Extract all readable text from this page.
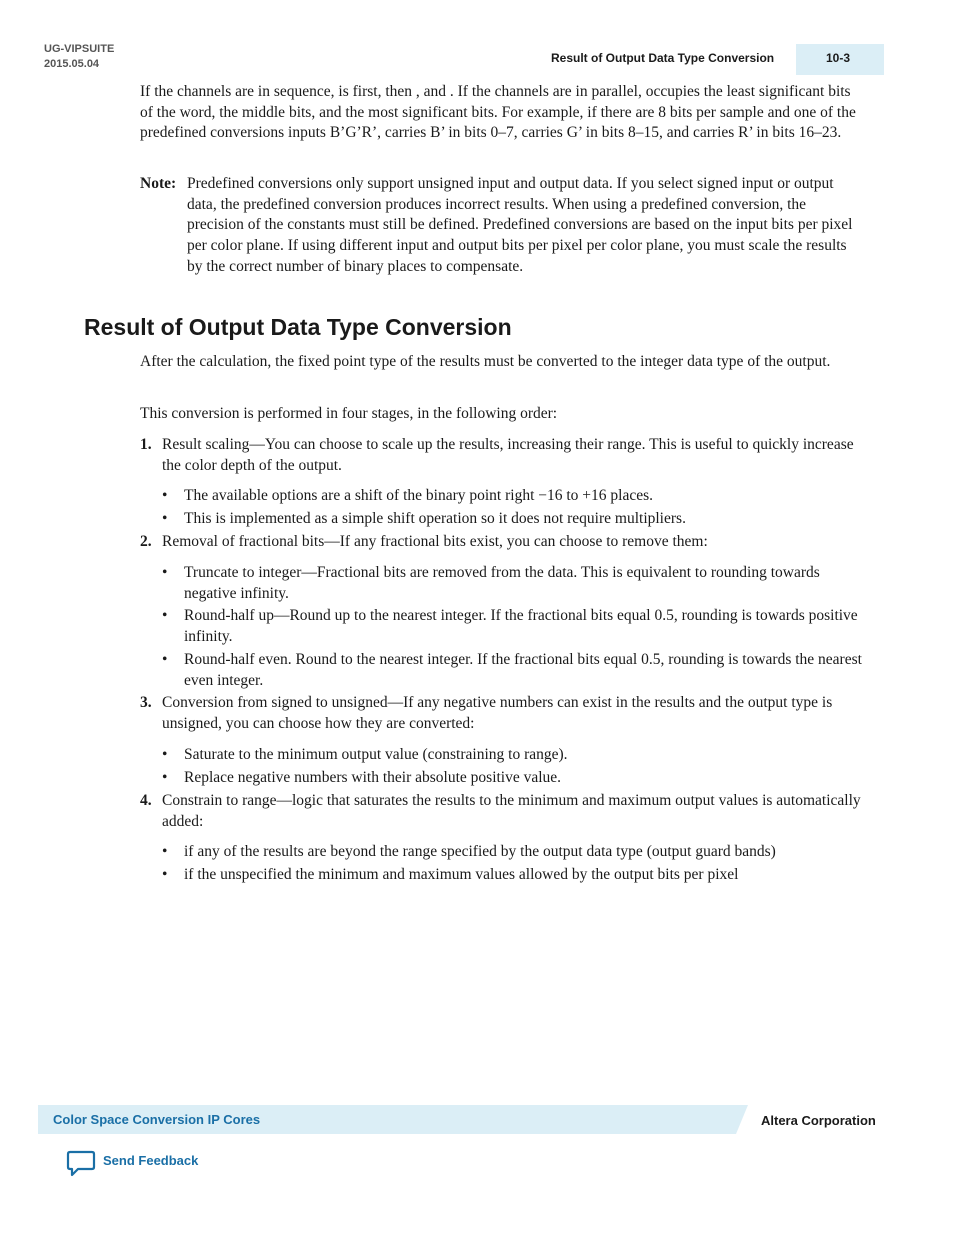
UG-VIPSUITE
2015.05.04	Result of Output Data Type Conversion	10-3
If the channels are in sequence, is first, then , and . If the channels are in parallel, occupies the least significant bits of the word, the middle bits, and the most significant bits. For example, if there are 8 bits per sample and one of the predefined conversions inputs B’G’R’, carries B’ in bits 0–7, carries G’ in bits 8–15, and carries R’ in bits 16–23.
Note: Predefined conversions only support unsigned input and output data. If you select signed input or output data, the predefined conversion produces incorrect results. When using a predefined conversion, the precision of the constants must still be defined. Predefined conversions are based on the input bits per pixel per color plane. If using different input and output bits per pixel per color plane, you must scale the results by the correct number of binary places to compensate.
Result of Output Data Type Conversion
After the calculation, the fixed point type of the results must be converted to the integer data type of the output.
This conversion is performed in four stages, in the following order:
1. Result scaling—You can choose to scale up the results, increasing their range. This is useful to quickly increase the color depth of the output.
• The available options are a shift of the binary point right −16 to +16 places.
• This is implemented as a simple shift operation so it does not require multipliers.
2. Removal of fractional bits—If any fractional bits exist, you can choose to remove them:
• Truncate to integer—Fractional bits are removed from the data. This is equivalent to rounding towards negative infinity.
• Round-half up—Round up to the nearest integer. If the fractional bits equal 0.5, rounding is towards positive infinity.
• Round-half even. Round to the nearest integer. If the fractional bits equal 0.5, rounding is towards the nearest even integer.
3. Conversion from signed to unsigned—If any negative numbers can exist in the results and the output type is unsigned, you can choose how they are converted:
• Saturate to the minimum output value (constraining to range).
• Replace negative numbers with their absolute positive value.
4. Constrain to range—logic that saturates the results to the minimum and maximum output values is automatically added:
• if any of the results are beyond the range specified by the output data type (output guard bands)
• if the unspecified the minimum and maximum values allowed by the output bits per pixel
Color Space Conversion IP Cores	Altera Corporation
Send Feedback
